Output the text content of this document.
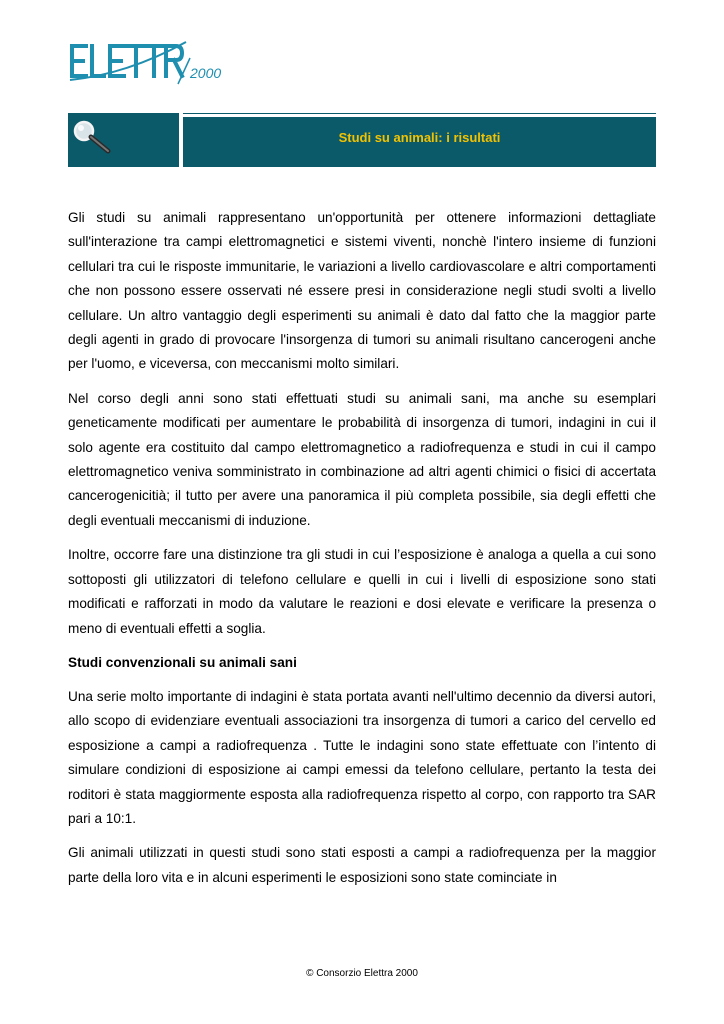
2000
Studi su animali: i risultati

Gli studi su animali rappresentano un'opportunità per ottenere informazioni dettagliate sull'interazione tra campi elettromagnetici e sistemi viventi, nonchè l'intero insieme di funzioni cellulari tra cui le risposte immunitarie, le variazioni a livello cardiovascolare e altri comportamenti che non possono essere osservati né essere presi in considerazione negli studi svolti a livello cellulare. Un altro vantaggio degli esperimenti su animali è dato dal fatto che la maggior parte degli agenti in grado di provocare l'insorgenza di tumori su animali risultano cancerogeni anche per l'uomo, e viceversa, con meccanismi molto similari.

Nel corso degli anni sono stati effettuati studi su animali sani, ma anche su esemplari geneticamente modificati per aumentare le probabilità di insorgenza di tumori, indagini in cui il solo agente era costituito dal campo elettromagnetico a radiofrequenza e studi in cui il campo elettromagnetico veniva somministrato in combinazione ad altri agenti chimici o fisici di accertata cancerogenicitià; il tutto per avere una panoramica il più completa possibile, sia degli effetti che degli eventuali meccanismi di induzione.

Inoltre, occorre fare una distinzione tra gli studi in cui l’esposizione è analoga a quella a cui sono sottoposti gli utilizzatori di telefono cellulare e quelli in cui i livelli di esposizione sono stati modificati e rafforzati in modo da valutare le reazioni e dosi elevate e verificare la presenza o meno di eventuali effetti a soglia.

Studi convenzionali su animali sani

Una serie molto importante di indagini è stata portata avanti nell'ultimo decennio da diversi autori, allo scopo di evidenziare eventuali associazioni tra insorgenza di tumori a carico del cervello ed esposizione a campi a radiofrequenza . Tutte le indagini sono state effettuate con l’intento di simulare condizioni di esposizione ai campi emessi da telefono cellulare, pertanto la testa dei roditori è stata maggiormente esposta alla radiofrequenza rispetto al corpo, con rapporto tra SAR pari a 10:1.

Gli animali utilizzati in questi studi sono stati esposti a campi a radiofrequenza per la maggior parte della loro vita e in alcuni esperimenti le esposizioni sono state cominciate in

© Consorzio Elettra 2000
